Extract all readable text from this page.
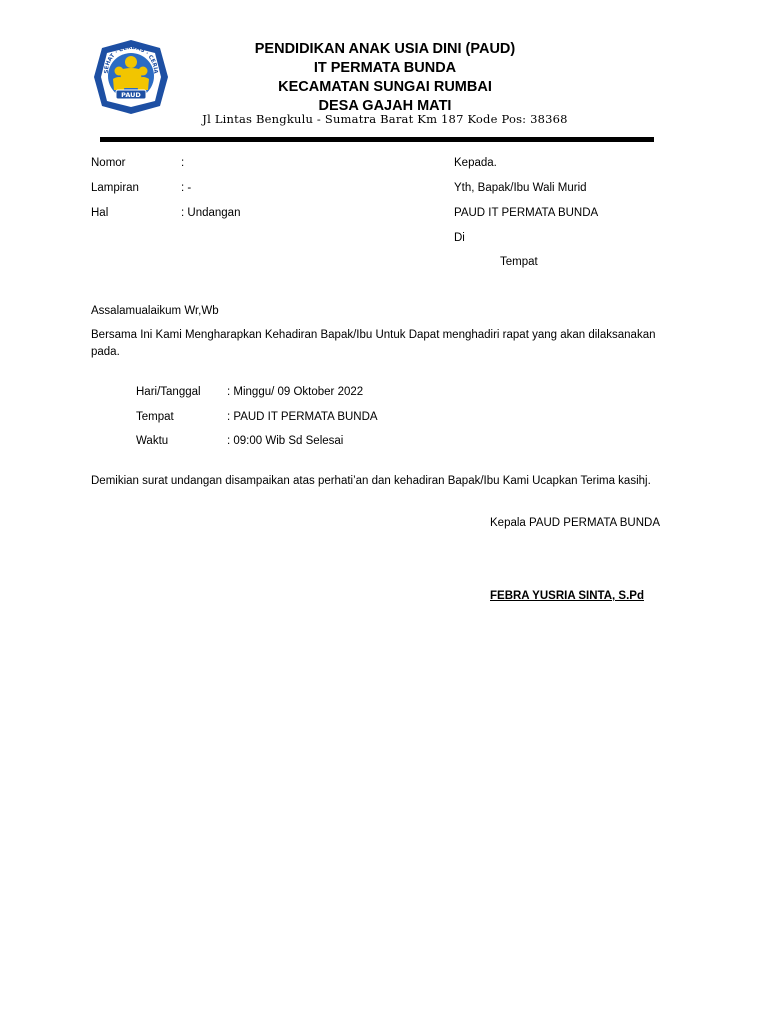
PAUD
SEHAT · CERDAS · CERIA
PENDIDIKAN ANAK USIA DINI (PAUD)
IT PERMATA BUNDA
KECAMATAN SUNGAI RUMBAI
DESA GAJAH MATI
Jl Lintas Bengkulu - Sumatra Barat Km 187 Kode Pos: 38368
Nomor	:
Lampiran	: -
Hal	: Undangan
Kepada.
Yth, Bapak/Ibu Wali Murid
PAUD IT PERMATA BUNDA
Di
Tempat
Assalamualaikum Wr,Wb
Bersama Ini Kami Mengharapkan Kehadiran Bapak/Ibu Untuk Dapat menghadiri rapat yang akan dilaksanakan pada.
Hari/Tanggal : Minggu/ 09 Oktober 2022
Tempat	: PAUD IT PERMATA BUNDA
Waktu	: 09:00 Wib Sd Selesai
Demikian surat undangan disampaikan atas perhati’an dan kehadiran Bapak/Ibu Kami Ucapkan Terima kasihj.
Kepala PAUD PERMATA BUNDA
FEBRA YUSRIA SINTA, S.Pd
